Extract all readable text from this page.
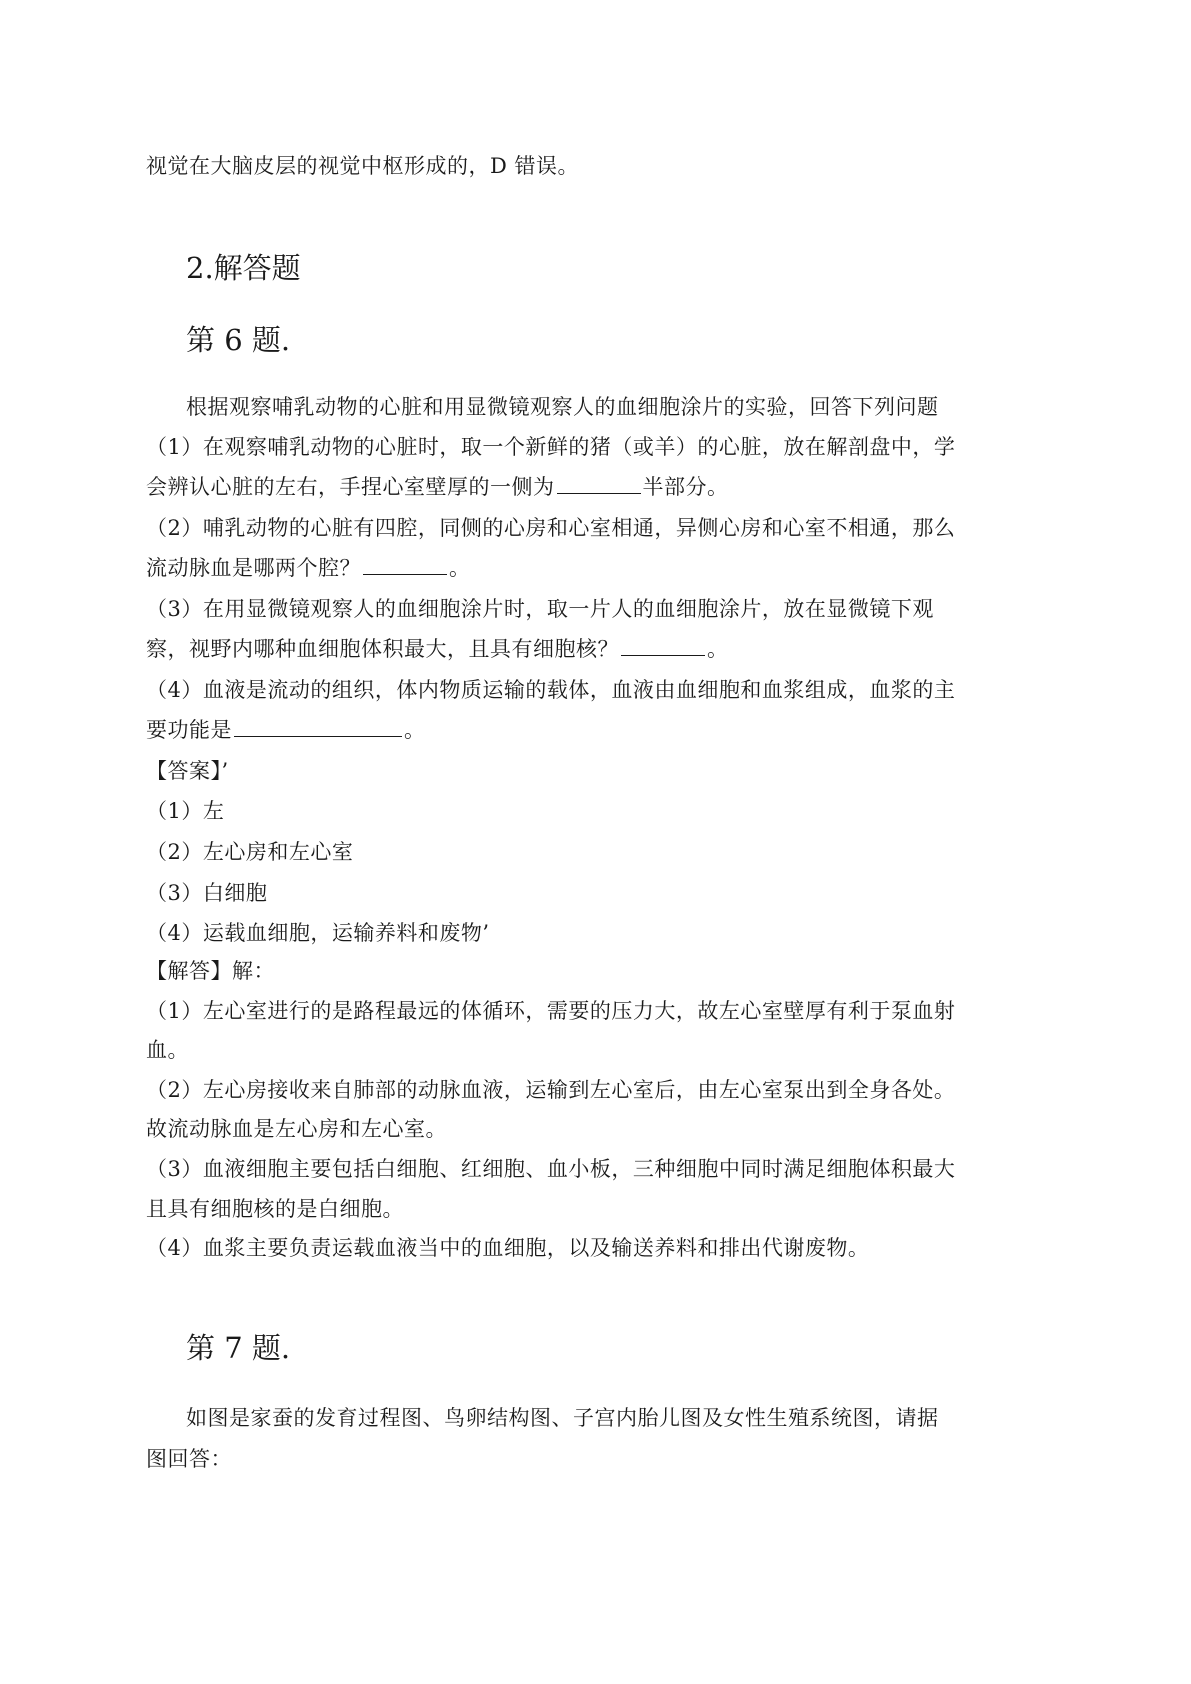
视觉在大脑皮层的视觉中枢形成的，D 错误。
2.解答题
第 6 题.
根据观察哺乳动物的心脏和用显微镜观察人的血细胞涂片的实验，回答下列问题
（1）在观察哺乳动物的心脏时，取一个新鲜的猪（或羊）的心脏，放在解剖盘中，学
会辨认心脏的左右，手捏心室壁厚的一侧为	半部分。
（2）哺乳动物的心脏有四腔，同侧的心房和心室相通，异侧心房和心室不相通，那么
流动脉血是哪两个腔？	。
（3）在用显微镜观察人的血细胞涂片时，取一片人的血细胞涂片，放在显微镜下观
察，视野内哪种血细胞体积最大，且具有细胞核？	。
（4）血液是流动的组织，体内物质运输的载体，血液由血细胞和血浆组成，血浆的主
要功能是	。
【答案】’
（1）左
（2）左心房和左心室
（3）白细胞
（4）运载血细胞，运输养料和废物’
【解答】解：
（1）左心室进行的是路程最远的体循环，需要的压力大，故左心室壁厚有利于泵血射
血。
（2）左心房接收来自肺部的动脉血液，运输到左心室后，由左心室泵出到全身各处。
故流动脉血是左心房和左心室。
（3）血液细胞主要包括白细胞、红细胞、血小板，三种细胞中同时满足细胞体积最大
且具有细胞核的是白细胞。
（4）血浆主要负责运载血液当中的血细胞，以及输送养料和排出代谢废物。
第 7 题.
如图是家蚕的发育过程图、鸟卵结构图、子宫内胎儿图及女性生殖系统图，请据
图回答：
